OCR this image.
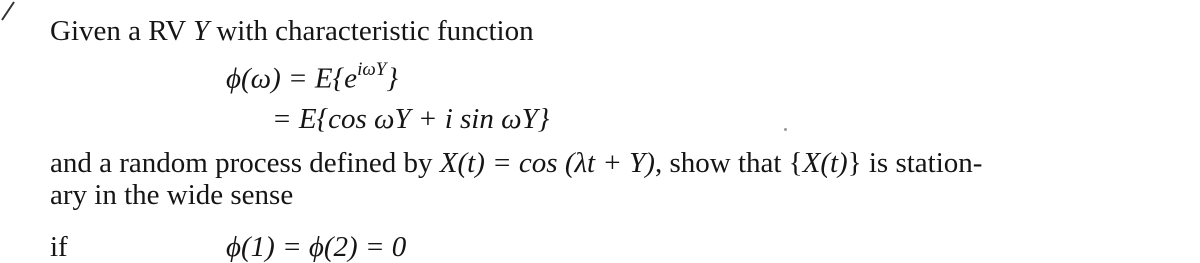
Given a RV Y with characteristic function
$\phi(\omega) = E\{e^{i\omega Y}\}$
= E{cos ωY + i sin ωY}
and a random process defined by X(t) = cos (λt + Y), show that {X(t)} is station-
ary in the wide sense
if	ϕ(1) = ϕ(2) = 0
